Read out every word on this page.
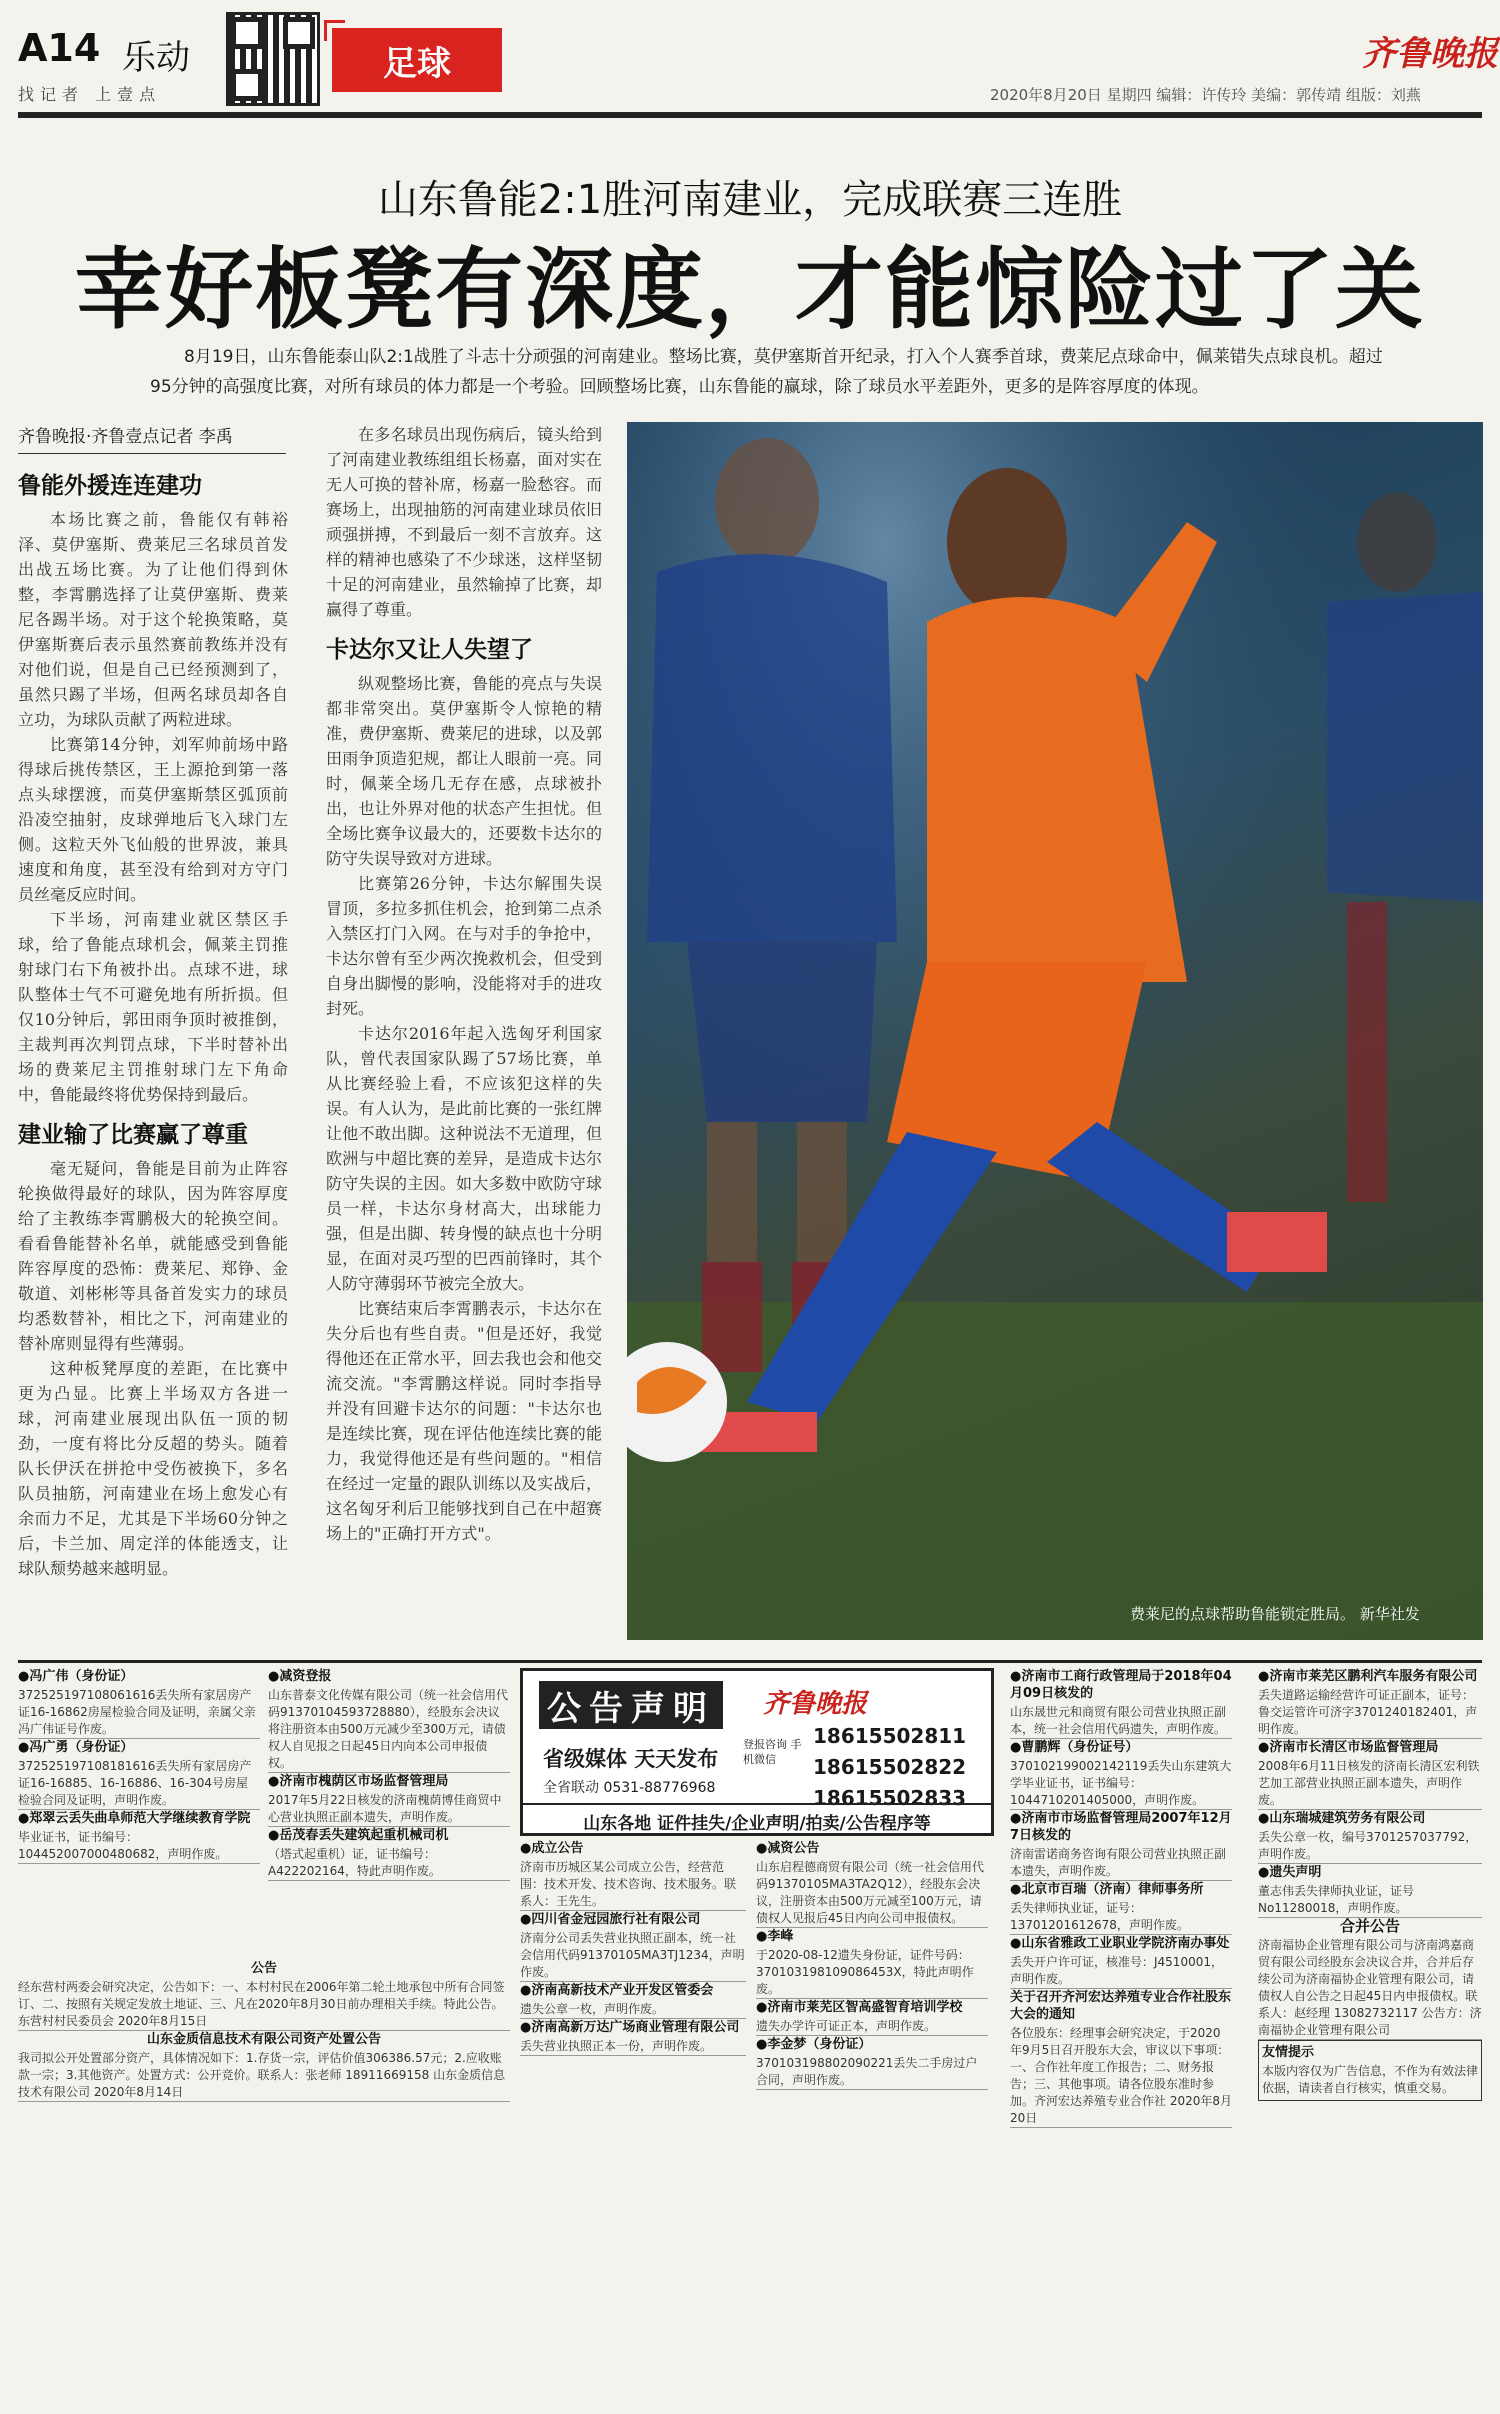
A14 乐动
找记者 上壹点
足球	齐鲁晚报
2020年8月20日 星期四 编辑：许传玲 美编：郭传靖 组版：刘燕
山东鲁能2:1胜河南建业，完成联赛三连胜
幸好板凳有深度，才能惊险过了关
8月19日，山东鲁能泰山队2:1战胜了斗志十分顽强的河南建业。整场比赛，莫伊塞斯首开纪录，打入个人赛季首球，费莱尼点球命中，佩莱错失点球良机。超过95分钟的高强度比赛，对所有球员的体力都是一个考验。回顾整场比赛，山东鲁能的赢球，除了球员水平差距外，更多的是阵容厚度的体现。
齐鲁晚报·齐鲁壹点记者 李禹
鲁能外援连连建功

本场比赛之前，鲁能仅有韩裕泽、莫伊塞斯、费莱尼三名球员首发出战五场比赛。为了让他们得到休整，李霄鹏选择了让莫伊塞斯、费莱尼各踢半场。对于这个轮换策略，莫伊塞斯赛后表示虽然赛前教练并没有对他们说，但是自己已经预测到了，虽然只踢了半场，但两名球员却各自立功，为球队贡献了两粒进球。

比赛第14分钟，刘军帅前场中路得球后挑传禁区，王上源抢到第一落点头球摆渡，而莫伊塞斯禁区弧顶前沿凌空抽射，皮球弹地后飞入球门左侧。这粒天外飞仙般的世界波，兼具速度和角度，甚至没有给到对方守门员丝毫反应时间。

下半场，河南建业就区禁区手球，给了鲁能点球机会，佩莱主罚推射球门右下角被扑出。点球不进，球队整体士气不可避免地有所折损。但仅10分钟后，郭田雨争顶时被推倒，主裁判再次判罚点球，下半时替补出场的费莱尼主罚推射球门左下角命中，鲁能最终将优势保持到最后。

建业输了比赛赢了尊重

毫无疑问，鲁能是目前为止阵容轮换做得最好的球队，因为阵容厚度给了主教练李霄鹏极大的轮换空间。看看鲁能替补名单，就能感受到鲁能阵容厚度的恐怖：费莱尼、郑铮、金敬道、刘彬彬等具备首发实力的球员均悉数替补，相比之下，河南建业的替补席则显得有些薄弱。

这种板凳厚度的差距，在比赛中更为凸显。比赛上半场双方各进一球，河南建业展现出队伍一顶的韧劲，一度有将比分反超的势头。随着队长伊沃在拼抢中受伤被换下，多名队员抽筋，河南建业在场上愈发心有余而力不足，尤其是下半场60分钟之后，卡兰加、周定洋的体能透支，让球队颓势越来越明显。

在多名球员出现伤病后，镜头给到了河南建业教练组组长杨嘉，面对实在无人可换的替补席，杨嘉一脸愁容。而赛场上，出现抽筋的河南建业球员依旧顽强拼搏，不到最后一刻不言放弃。这样的精神也感染了不少球迷，这样坚韧十足的河南建业，虽然输掉了比赛，却赢得了尊重。

卡达尔又让人失望了

纵观整场比赛，鲁能的亮点与失误都非常突出。莫伊塞斯令人惊艳的精准，费伊塞斯、费莱尼的进球，以及郭田雨争顶造犯规，都让人眼前一亮。同时，佩莱全场几无存在感，点球被扑出，也让外界对他的状态产生担忧。但全场比赛争议最大的，还要数卡达尔的防守失误导致对方进球。

比赛第26分钟，卡达尔解围失误冒顶，多拉多抓住机会，抢到第二点杀入禁区打门入网。在与对手的争抢中，卡达尔曾有至少两次挽救机会，但受到自身出脚慢的影响，没能将对手的进攻封死。

卡达尔2016年起入选匈牙利国家队，曾代表国家队踢了57场比赛，单从比赛经验上看，不应该犯这样的失误。有人认为，是此前比赛的一张红牌让他不敢出脚。这种说法不无道理，但欧洲与中超比赛的差异，是造成卡达尔防守失误的主因。如大多数中欧防守球员一样，卡达尔身材高大，出球能力强，但是出脚、转身慢的缺点也十分明显，在面对灵巧型的巴西前锋时，其个人防守薄弱环节被完全放大。

比赛结束后李霄鹏表示，卡达尔在失分后也有些自责。"但是还好，我觉得他还在正常水平，回去我也会和他交流交流。"李霄鹏这样说。同时李指导并没有回避卡达尔的问题："卡达尔也是连续比赛，现在评估他连续比赛的能力，我觉得他还是有些问题的。"相信在经过一定量的跟队训练以及实战后，这名匈牙利后卫能够找到自己在中超赛场上的"正确打开方式"。

费莱尼的点球帮助鲁能锁定胜局。 新华社发
●冯广伟（身份证）
372525197108061616丢失所有家居房产证16-16862房屋检验合同及证明，亲属父亲冯广伟证号作废。
●冯广勇（身份证）
372525197108181616丢失所有家居房产证16-16885、16-16886、16-304号房屋检验合同及证明，声明作废。
●郑翠云丢失曲阜师范大学继续教育学院
毕业证书，证书编号：104452007000480682，声明作废。
●减资登报
山东普泰文化传媒有限公司（统一社会信用代码91370104593728880），经股东会决议将注册资本由500万元减少至300万元，请债权人自见报之日起45日内向本公司申报债权。
●济南市槐荫区市场监督管理局
2017年5月22日核发的济南槐荫博佳商贸中心营业执照正副本遗失，声明作废。
●岳茂春丢失建筑起重机械司机
（塔式起重机）证，证书编号：A422202164，特此声明作废。
公告
经东营村两委会研究决定，公告如下：一、本村村民在2006年第二轮土地承包中所有合同签订、二、按照有关规定发放土地证、三、凡在2020年8月30日前办理相关手续。特此公告。东营村村民委员会 2020年8月15日
山东金质信息技术有限公司资产处置公告
我司拟公开处置部分资产，具体情况如下：1.存货一宗，评估价值306386.57元；2.应收账款一宗；3.其他资产。处置方式：公开竞价。联系人：张老师 18911669158 山东金质信息技术有限公司 2020年8月14日
公告声明	齐鲁晚报
省级媒体 天天发布
全省联动 0531-88776968
18615502811
18615502822
18615502833
登报咨询 手机微信
山东各地 证件挂失/企业声明/拍卖/公告程序等
●成立公告
济南市历城区某公司成立公告，经营范围：技术开发、技术咨询、技术服务。联系人：王先生。
●四川省金冠园旅行社有限公司
济南分公司丢失营业执照正副本，统一社会信用代码91370105MA3TJ1234，声明作废。
●济南高新技术产业开发区管委会
遗失公章一枚，声明作废。
●济南高新万达广场商业管理有限公司
丢失营业执照正本一份，声明作废。
●减资公告
山东启程德商贸有限公司（统一社会信用代码91370105MA3TA2Q12），经股东会决议，注册资本由500万元减至100万元，请债权人见报后45日内向公司申报债权。
●李峰
于2020-08-12遗失身份证，证件号码：370103198109086453X，特此声明作废。
●济南市莱芜区智高盛智育培训学校
遗失办学许可证正本，声明作废。
●李金梦（身份证）
370103198802090221丢失二手房过户合同，声明作废。
●济南市工商行政管理局于2018年04月09日核发的
山东晟世元和商贸有限公司营业执照正副本，统一社会信用代码遗失，声明作废。
●曹鹏辉（身份证号）
370102199002142119丢失山东建筑大学毕业证书，证书编号：1044710201405000，声明作废。
●济南市市场监督管理局2007年12月7日核发的
济南雷诺商务咨询有限公司营业执照正副本遗失，声明作废。
●北京市百瑞（济南）律师事务所
丢失律师执业证，证号：13701201612678，声明作废。
●山东省雅政工业职业学院济南办事处
丢失开户许可证，核准号：J4510001，声明作废。
关于召开齐河宏达养殖专业合作社股东大会的通知
各位股东：经理事会研究决定，于2020年9月5日召开股东大会，审议以下事项：一、合作社年度工作报告；二、财务报告；三、其他事项。请各位股东准时参加。齐河宏达养殖专业合作社 2020年8月20日
●济南市莱芜区鹏利汽车服务有限公司
丢失道路运输经营许可证正副本，证号：鲁交运管许可济字3701240182401，声明作废。
●济南市长清区市场监督管理局
2008年6月11日核发的济南长清区宏利铁艺加工部营业执照正副本遗失，声明作废。
●山东瑞城建筑劳务有限公司
丢失公章一枚，编号3701257037792，声明作废。
●遗失声明
董志伟丢失律师执业证，证号No11280018，声明作废。
合并公告
济南福协企业管理有限公司与济南鸿嘉商贸有限公司经股东会决议合并，合并后存续公司为济南福协企业管理有限公司，请债权人自公告之日起45日内申报债权。联系人：赵经理 13082732117 公告方：济南福协企业管理有限公司
友情提示
本版内容仅为广告信息，不作为有效法律依据，请读者自行核实，慎重交易。
